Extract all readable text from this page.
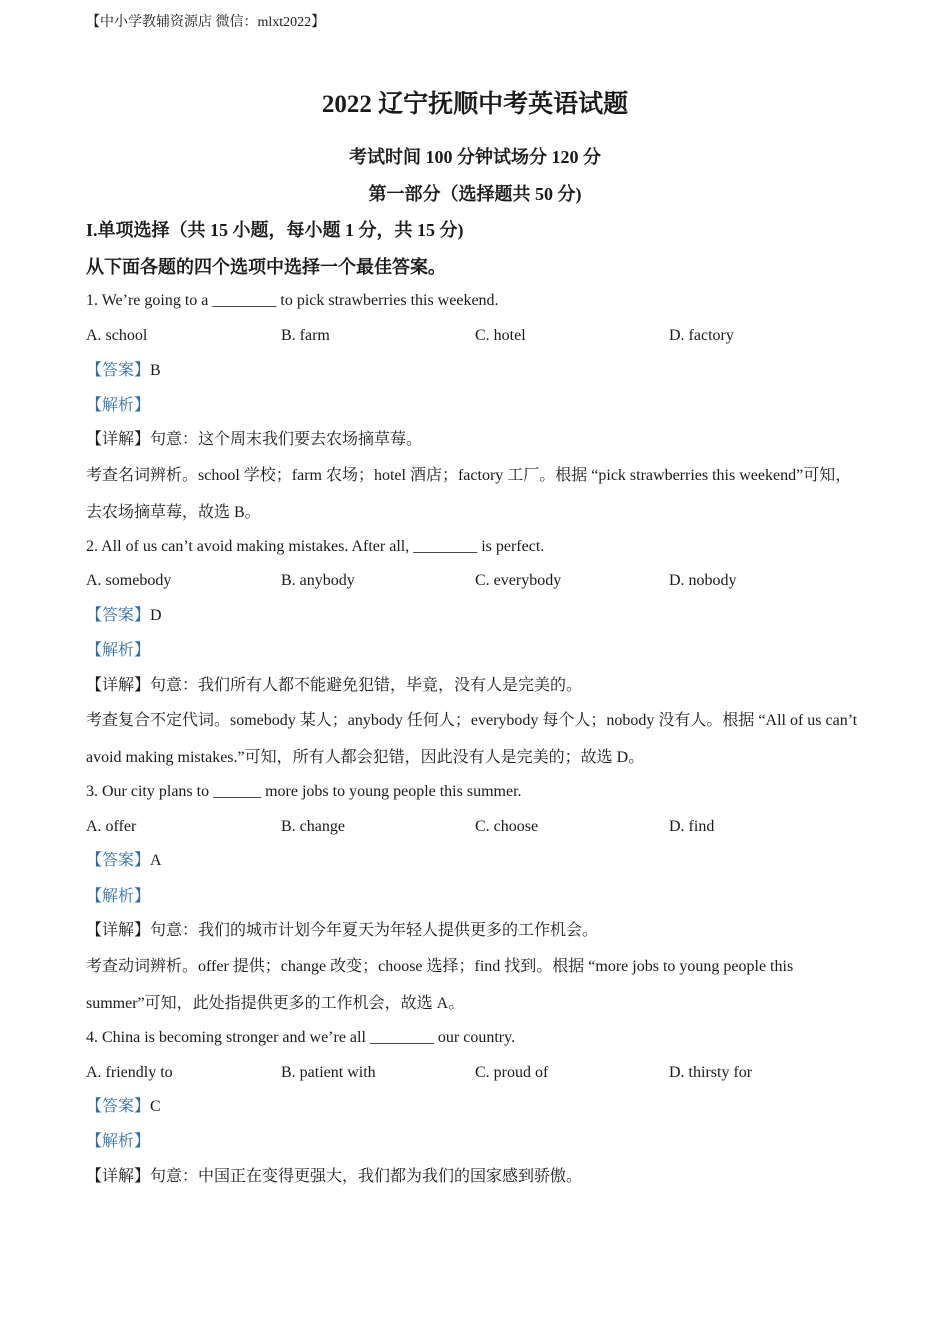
【中小学教辅资源店 微信：mlxt2022】
2022 辽宁抚顺中考英语试题
考试时间 100 分钟试场分 120 分
第一部分（选择题共 50 分)
I.单项选择（共 15 小题，每小题 1 分，共 15 分)
从下面各题的四个选项中选择一个最佳答案。
1. We’re going to a ________ to pick strawberries this weekend.
A. school	B. farm	C. hotel	D. factory
【答案】B
【解析】
【详解】句意：这个周末我们要去农场摘草莓。
考查名词辨析。school 学校；farm 农场；hotel 酒店；factory 工厂。根据 “pick strawberries this weekend”可知，去农场摘草莓，故选 B。
2. All of us can’t avoid making mistakes. After all, ________ is perfect.
A. somebody	B. anybody	C. everybody	D. nobody
【答案】D
【解析】
【详解】句意：我们所有人都不能避免犯错，毕竟，没有人是完美的。
考查复合不定代词。somebody 某人；anybody 任何人；everybody 每个人；nobody 没有人。根据 “All of us can’t avoid making mistakes.”可知，所有人都会犯错，因此没有人是完美的；故选 D。
3. Our city plans to ______ more jobs to young people this summer.
A. offer	B. change	C. choose	D. find
【答案】A
【解析】
【详解】句意：我们的城市计划今年夏天为年轻人提供更多的工作机会。
考查动词辨析。offer 提供；change 改变；choose 选择；find 找到。根据 “more jobs to young people this summer”可知，此处指提供更多的工作机会，故选 A。
4. China is becoming stronger and we’re all ________ our country.
A. friendly to	B. patient with	C. proud of	D. thirsty for
【答案】C
【解析】
【详解】句意：中国正在变得更强大，我们都为我们的国家感到骄傲。
